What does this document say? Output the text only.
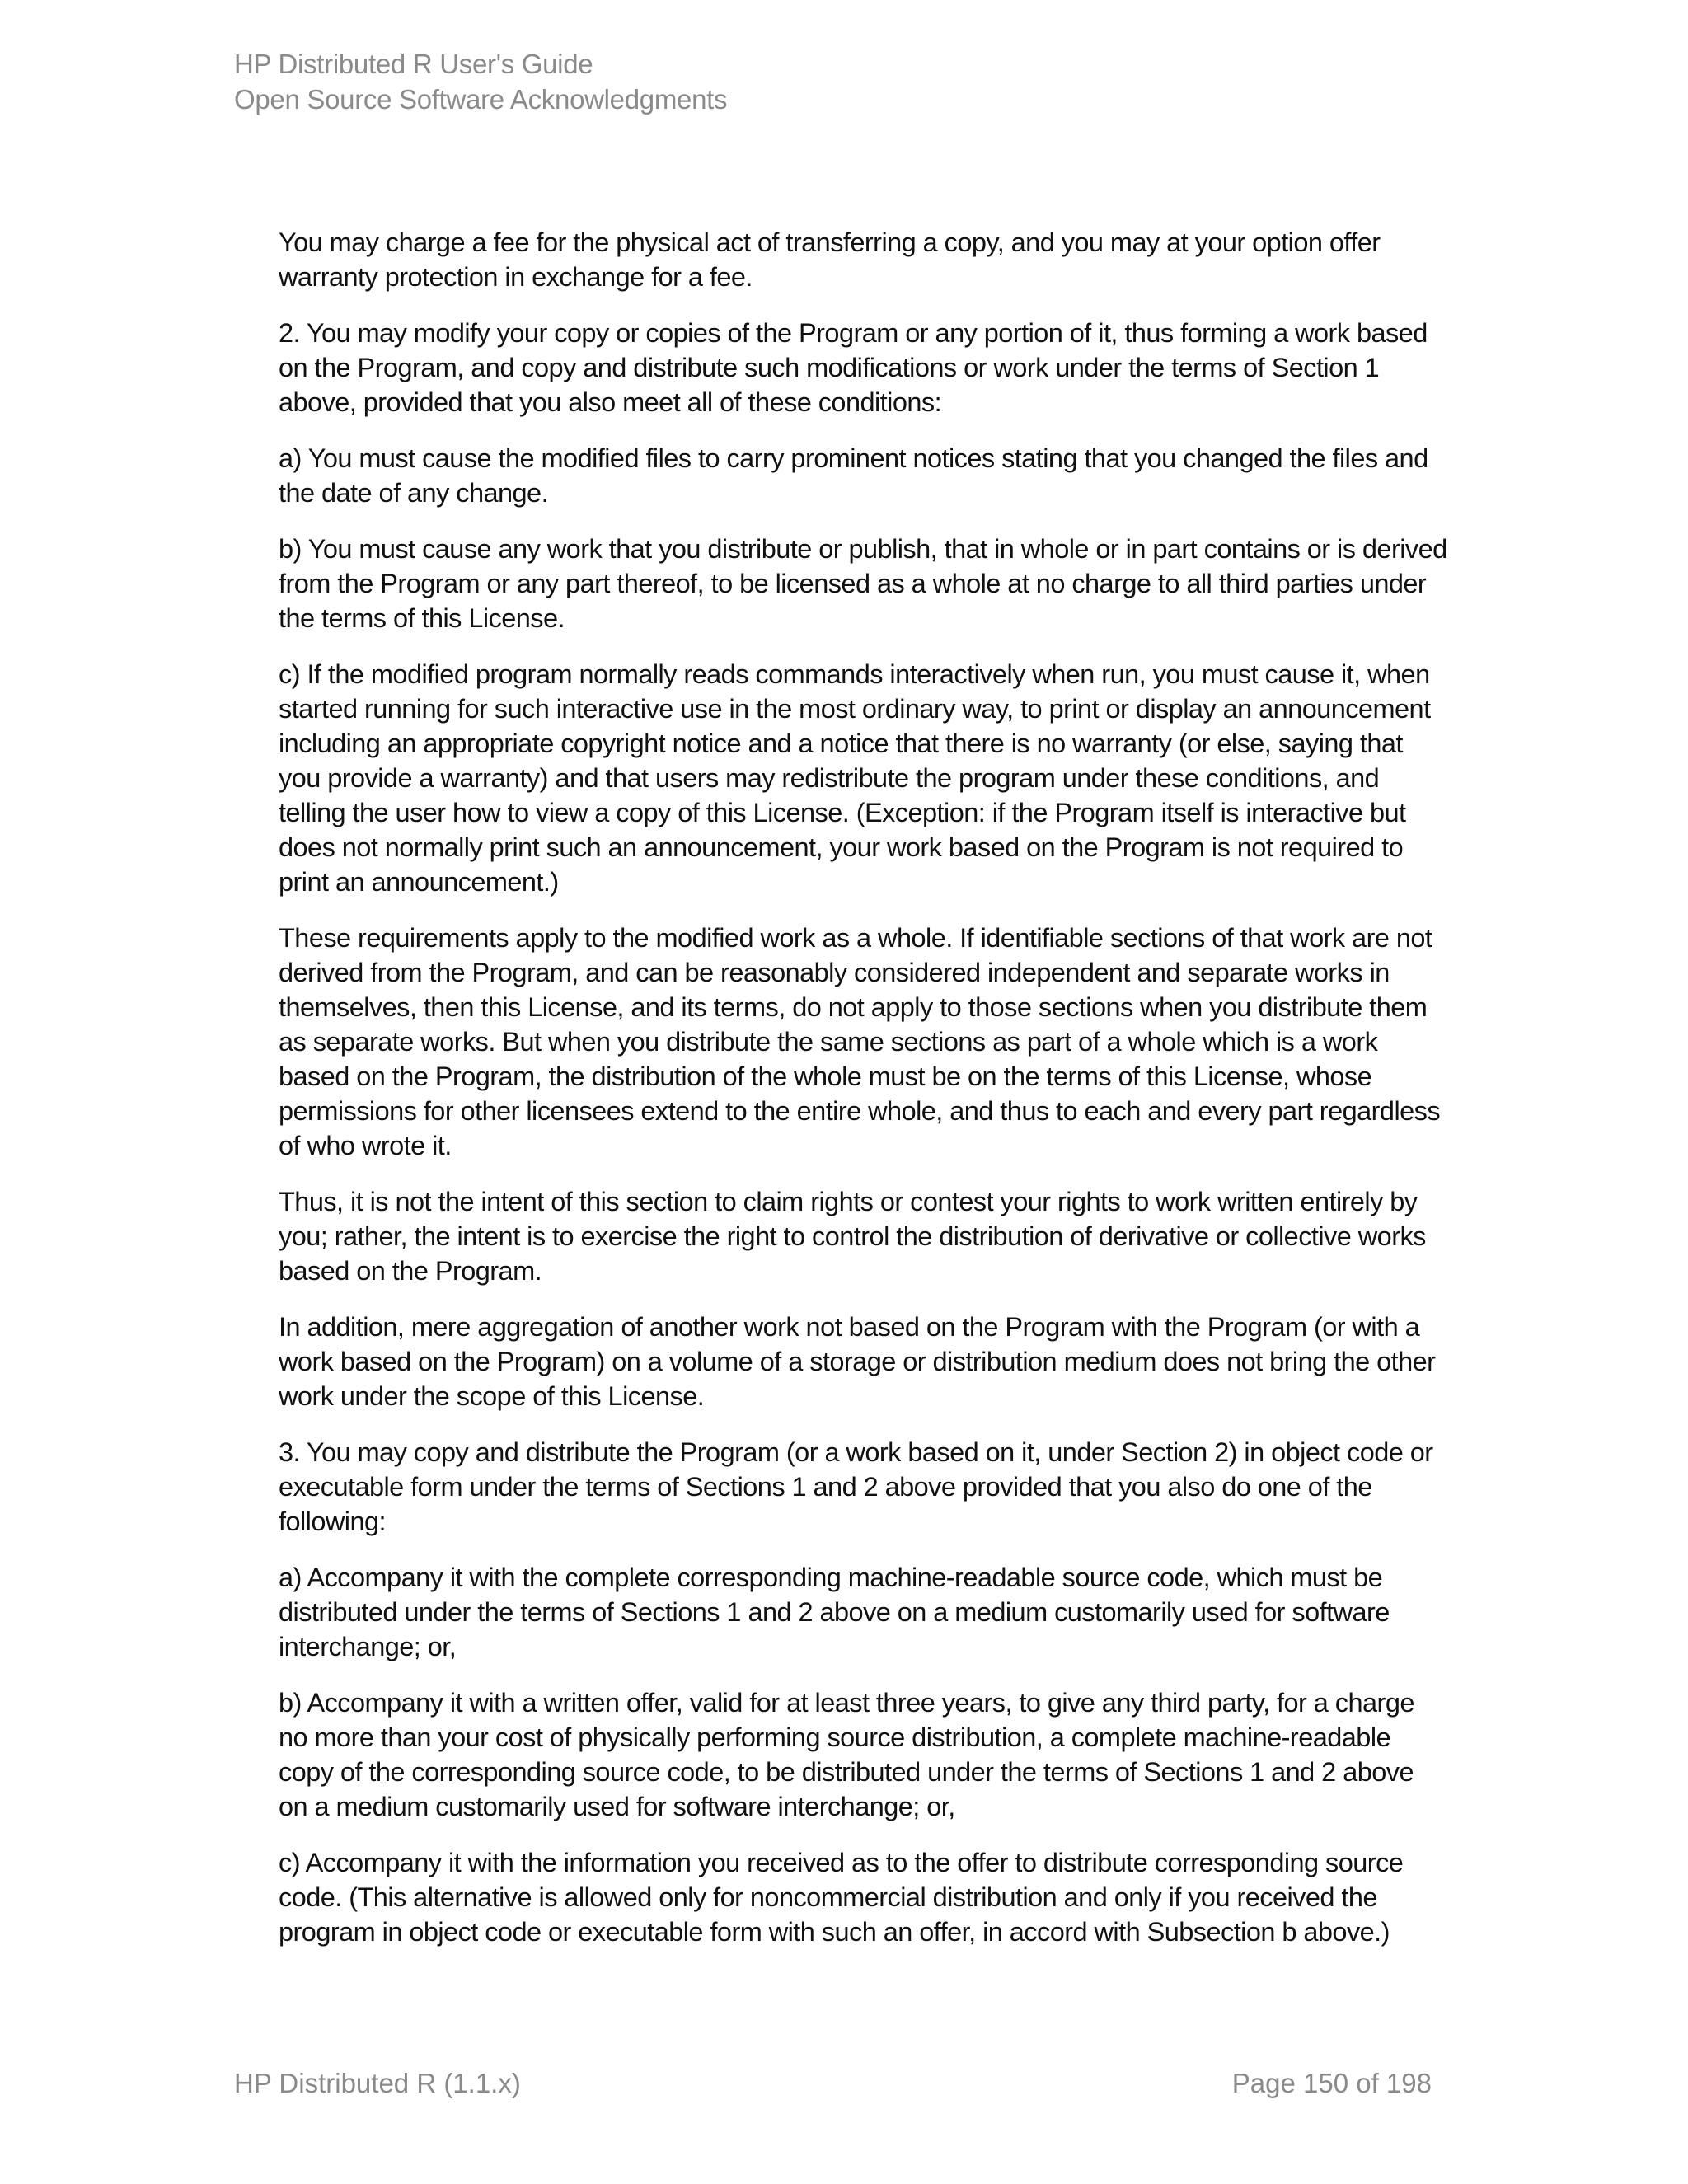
HP Distributed R User's Guide
Open Source Software Acknowledgments

You may charge a fee for the physical act of transferring a copy, and you may at your option offer warranty protection in exchange for a fee.

2. You may modify your copy or copies of the Program or any portion of it, thus forming a work based on the Program, and copy and distribute such modifications or work under the terms of Section 1 above, provided that you also meet all of these conditions:

a) You must cause the modified files to carry prominent notices stating that you changed the files and the date of any change.

b) You must cause any work that you distribute or publish, that in whole or in part contains or is derived from the Program or any part thereof, to be licensed as a whole at no charge to all third parties under the terms of this License.

c) If the modified program normally reads commands interactively when run, you must cause it, when started running for such interactive use in the most ordinary way, to print or display an announcement including an appropriate copyright notice and a notice that there is no warranty (or else, saying that you provide a warranty) and that users may redistribute the program under these conditions, and telling the user how to view a copy of this License. (Exception: if the Program itself is interactive but does not normally print such an announcement, your work based on the Program is not required to print an announcement.)

These requirements apply to the modified work as a whole. If identifiable sections of that work are not derived from the Program, and can be reasonably considered independent and separate works in themselves, then this License, and its terms, do not apply to those sections when you distribute them as separate works. But when you distribute the same sections as part of a whole which is a work based on the Program, the distribution of the whole must be on the terms of this License, whose permissions for other licensees extend to the entire whole, and thus to each and every part regardless of who wrote it.

Thus, it is not the intent of this section to claim rights or contest your rights to work written entirely by you; rather, the intent is to exercise the right to control the distribution of derivative or collective works based on the Program.

In addition, mere aggregation of another work not based on the Program with the Program (or with a work based on the Program) on a volume of a storage or distribution medium does not bring the other work under the scope of this License.

3. You may copy and distribute the Program (or a work based on it, under Section 2) in object code or executable form under the terms of Sections 1 and 2 above provided that you also do one of the following:

a) Accompany it with the complete corresponding machine-readable source code, which must be distributed under the terms of Sections 1 and 2 above on a medium customarily used for software interchange; or,

b) Accompany it with a written offer, valid for at least three years, to give any third party, for a charge no more than your cost of physically performing source distribution, a complete machine-readable copy of the corresponding source code, to be distributed under the terms of Sections 1 and 2 above on a medium customarily used for software interchange; or,

c) Accompany it with the information you received as to the offer to distribute corresponding source code. (This alternative is allowed only for noncommercial distribution and only if you received the program in object code or executable form with such an offer, in accord with Subsection b above.)

HP Distributed R (1.1.x)	Page 150 of 198
